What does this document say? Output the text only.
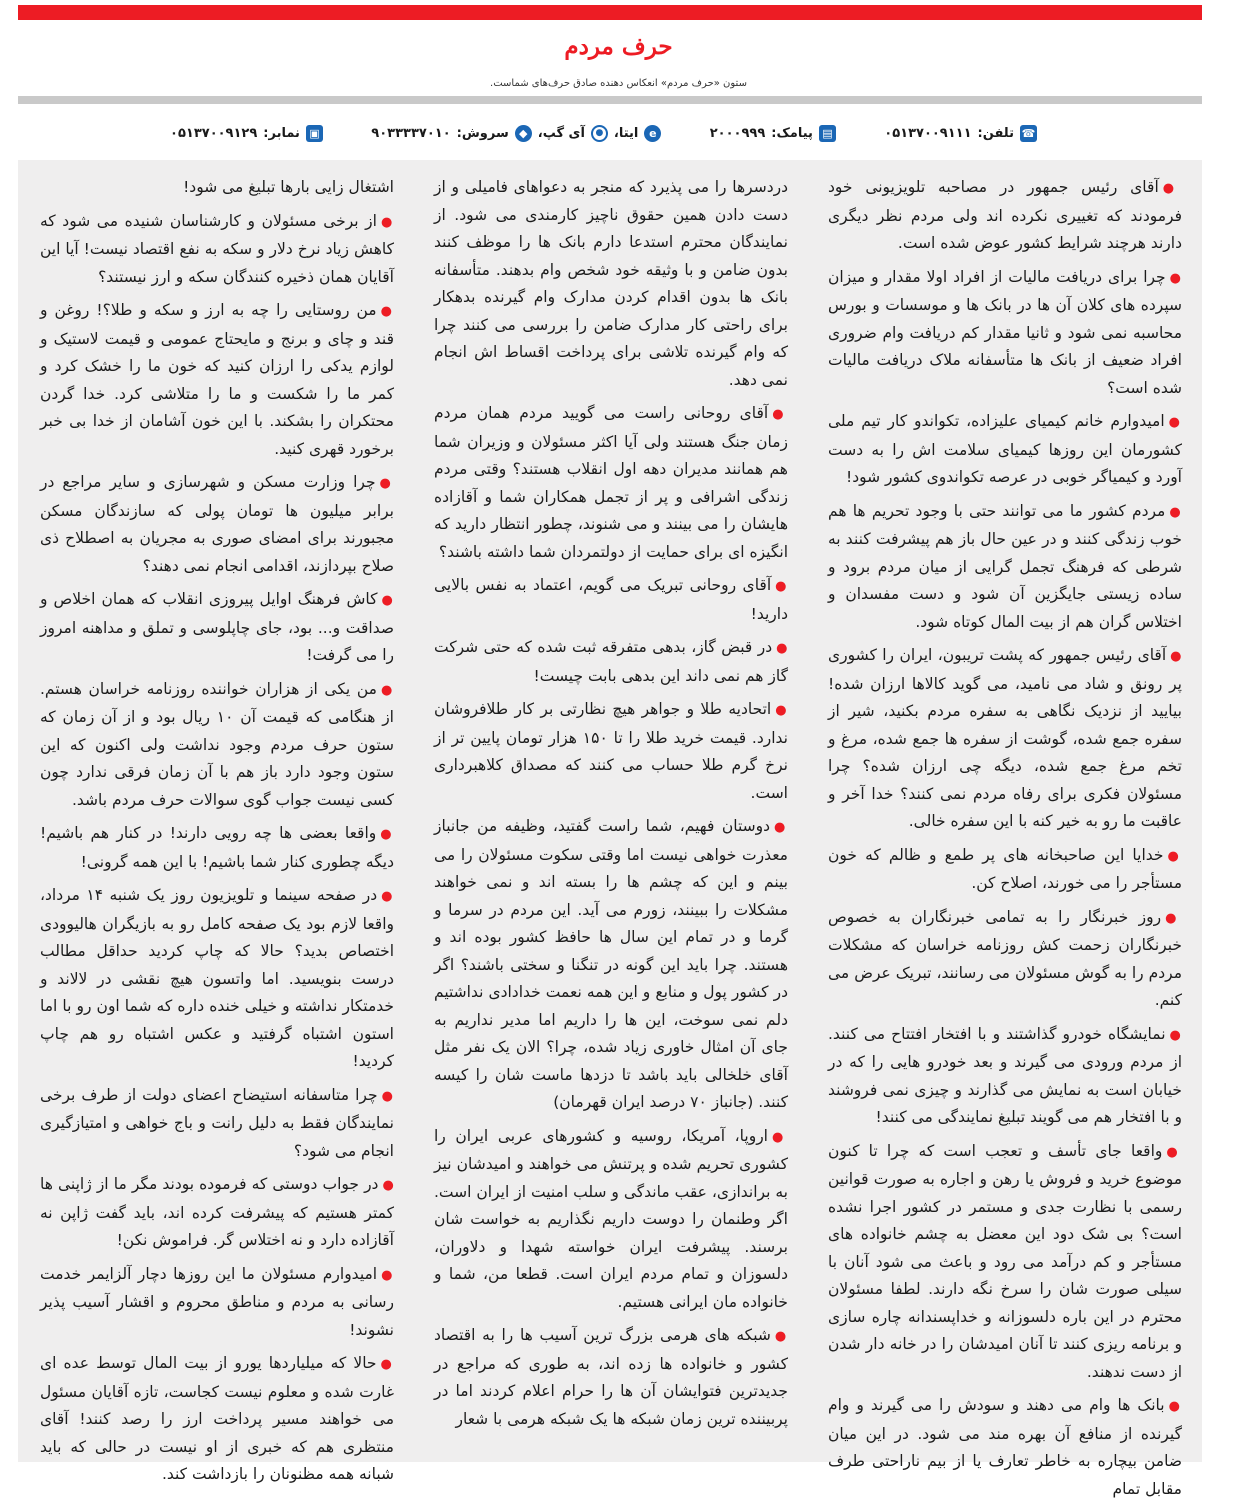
حرف مردم
ستون «حرف مردم» انعکاس دهنده صادق حرف‌های شماست.
☎
تلفن:
۰۵۱۳۷۰۰۹۱۱۱
▤
پیامک:
۲۰۰۰۹۹۹
e
ایتا،
●
آی گپ،
◆
سروش:
۹۰۳۳۳۳۷۰۱۰
▣
نمابر:
۰۵۱۳۷۰۰۹۱۲۹

●آقای رئیس جمهور در مصاحبه تلویزیونی خود فرمودند که تغییری نکرده اند ولی مردم نظر دیگری دارند هرچند شرایط کشور عوض شده است.

●چرا برای دریافت مالیات از افراد اولا مقدار و میزان سپرده های کلان آن ها در بانک ها و موسسات و بورس محاسبه نمی شود و ثانیا مقدار کم دریافت وام ضروری افراد ضعیف از بانک ها متأسفانه ملاک دریافت مالیات شده است؟

●امیدوارم خانم کیمیای علیزاده، تکواندو کار تیم ملی کشورمان این روزها کیمیای سلامت اش را به دست آورد و کیمیاگر خوبی در عرصه تکواندوی کشور شود!

●مردم کشور ما می توانند حتی با وجود تحریم ها هم خوب زندگی کنند و در عین حال باز هم پیشرفت کنند به شرطی که فرهنگ تجمل گرایی از میان مردم برود و ساده زیستی جایگزین آن شود و دست مفسدان و اختلاس گران هم از بیت المال کوتاه شود.

●آقای رئیس جمهور که پشت تریبون، ایران را کشوری پر رونق و شاد می نامید، می گوید کالاها ارزان شده! بیایید از نزدیک نگاهی به سفره مردم بکنید، شیر از سفره جمع شده، گوشت از سفره ها جمع شده، مرغ و تخم مرغ جمع شده، دیگه چی ارزان شده؟ چرا مسئولان فکری برای رفاه مردم نمی کنند؟ خدا آخر و عاقبت ما رو به خیر کنه با این سفره خالی.

●خدایا این صاحبخانه های پر طمع و ظالم که خون مستأجر را می خورند، اصلاح کن.

●روز خبرنگار را به تمامی خبرنگاران به خصوص خبرنگاران زحمت کش روزنامه خراسان که مشکلات مردم را به گوش مسئولان می رسانند، تبریک عرض می کنم.

●نمایشگاه خودرو گذاشتند و با افتخار افتتاح می کنند. از مردم ورودی می گیرند و بعد خودرو هایی را که در خیابان است به نمایش می گذارند و چیزی نمی فروشند و با افتخار هم می گویند تبلیغ نمایندگی می کنند!

●واقعا جای تأسف و تعجب است که چرا تا کنون موضوع خرید و فروش یا رهن و اجاره به صورت قوانین رسمی با نظارت جدی و مستمر در کشور اجرا نشده است؟ بی شک دود این معضل به چشم خانواده های مستأجر و کم درآمد می رود و باعث می شود آنان با سیلی صورت شان را سرخ نگه دارند. لطفا مسئولان محترم در این باره دلسوزانه و خداپسندانه چاره سازی و برنامه ریزی کنند تا آنان امیدشان را در خانه دار شدن از دست ندهند.

●بانک ها وام می دهند و سودش را می گیرند و وام گیرنده از منافع آن بهره مند می شود. در این میان ضامن بیچاره به خاطر تعارف یا از بیم ناراحتی طرف مقابل تمام

دردسرها را می پذیرد که منجر به دعواهای فامیلی و از دست دادن همین حقوق ناچیز کارمندی می شود. از نمایندگان محترم استدعا دارم بانک ها را موظف کنند بدون ضامن و با وثیقه خود شخص وام بدهند. متأسفانه بانک ها بدون اقدام کردن مدارک وام گیرنده بدهکار برای راحتی کار مدارک ضامن را بررسی می کنند چرا که وام گیرنده تلاشی برای پرداخت اقساط اش انجام نمی دهد.

●آقای روحانی راست می گویید مردم همان مردم زمان جنگ هستند ولی آیا اکثر مسئولان و وزیران شما هم همانند مدیران دهه اول انقلاب هستند؟ وقتی مردم زندگی اشرافی و پر از تجمل همکاران شما و آقازاده هایشان را می بینند و می شنوند، چطور انتظار دارید که انگیزه ای برای حمایت از دولتمردان شما داشته باشند؟

●آقای روحانی تبریک می گویم، اعتماد به نفس بالایی دارید!

●در قبض گاز، بدهی متفرقه ثبت شده که حتی شرکت گاز هم نمی داند این بدهی بابت چیست!

●اتحادیه طلا و جواهر هیچ نظارتی بر کار طلافروشان ندارد. قیمت خرید طلا را تا ۱۵۰ هزار تومان پایین تر از نرخ گرم طلا حساب می کنند که مصداق کلاهبرداری است.

●دوستان فهیم، شما راست گفتید، وظیفه من جانباز معذرت خواهی نیست اما وقتی سکوت مسئولان را می بینم و این که چشم ها را بسته اند و نمی خواهند مشکلات را ببینند، زورم می آید. این مردم در سرما و گرما و در تمام این سال ها حافظ کشور بوده اند و هستند. چرا باید این گونه در تنگنا و سختی باشند؟ اگر در کشور پول و منابع و این همه نعمت خدادادی نداشتیم دلم نمی سوخت، این ها را داریم اما مدیر نداریم به جای آن امثال خاوری زیاد شده، چرا؟ الان یک نفر مثل آقای خلخالی باید باشد تا دزدها ماست شان را کیسه کنند. (جانباز ۷۰ درصد ایران قهرمان)

●اروپا، آمریکا، روسیه و کشورهای عربی ایران را کشوری تحریم شده و پرتنش می خواهند و امیدشان نیز به براندازی، عقب ماندگی و سلب امنیت از ایران است. اگر وطنمان را دوست داریم نگذاریم به خواست شان برسند. پیشرفت ایران خواسته شهدا و دلاوران، دلسوزان و تمام مردم ایران است. قطعا من، شما و خانواده مان ایرانی هستیم.

●شبکه های هرمی بزرگ ترین آسیب ها را به اقتصاد کشور و خانواده ها زده اند، به طوری که مراجع در جدیدترین فتوایشان آن ها را حرام اعلام کردند اما در پربیننده ترین زمان شبکه ها یک شبکه هرمی با شعار

اشتغال زایی بارها تبلیغ می شود!

●از برخی مسئولان و کارشناسان شنیده می شود که کاهش زیاد نرخ دلار و سکه به نفع اقتصاد نیست! آیا این آقایان همان ذخیره کنندگان سکه و ارز نیستند؟

●من روستایی را چه به ارز و سکه و طلا؟! روغن و قند و چای و برنج و مایحتاج عمومی و قیمت لاستیک و لوازم یدکی را ارزان کنید که خون ما را خشک کرد و کمر ما را شکست و ما را متلاشی کرد. خدا گردن محتکران را بشکند. با این خون آشامان از خدا بی خبر برخورد قهری کنید.

●چرا وزارت مسکن و شهرسازی و سایر مراجع در برابر میلیون ها تومان پولی که سازندگان مسکن مجبورند برای امضای صوری به مجریان به اصطلاح ذی صلاح بپردازند، اقدامی انجام نمی دهند؟

●کاش فرهنگ اوایل پیروزی انقلاب که همان اخلاص و صداقت و... بود، جای چاپلوسی و تملق و مداهنه امروز را می گرفت!

●من یکی از هزاران خواننده روزنامه خراسان هستم. از هنگامی که قیمت آن ۱۰ ریال بود و از آن زمان که ستون حرف مردم وجود نداشت ولی اکنون که این ستون وجود دارد باز هم با آن زمان فرقی ندارد چون کسی نیست جواب گوی سوالات حرف مردم باشد.

●واقعا بعضی ها چه رویی دارند! در کنار هم باشیم! دیگه چطوری کنار شما باشیم! با این همه گرونی!

●در صفحه سینما و تلویزیون روز یک شنبه ۱۴ مرداد، واقعا لازم بود یک صفحه کامل رو به بازیگران هالیوودی اختصاص بدید؟ حالا که چاپ کردید حداقل مطالب درست بنویسید. اما واتسون هیچ نقشی در لالاند و خدمتکار نداشته و خیلی خنده داره که شما اون رو با اما استون اشتباه گرفتید و عکس اشتباه رو هم چاپ کردید!

●چرا متاسفانه استیضاح اعضای دولت از طرف برخی نمایندگان فقط به دلیل رانت و باج خواهی و امتیازگیری انجام می شود؟

●در جواب دوستی که فرموده بودند مگر ما از ژاپنی ها کمتر هستیم که پیشرفت کرده اند، باید گفت ژاپن نه آقازاده دارد و نه اختلاس گر. فراموش نکن!

●امیدوارم مسئولان ما این روزها دچار آلزایمر خدمت رسانی به مردم و مناطق محروم و اقشار آسیب پذیر نشوند!

●حالا که میلیاردها یورو از بیت المال توسط عده ای غارت شده و معلوم نیست کجاست، تازه آقایان مسئول می خواهند مسیر پرداخت ارز را رصد کنند! آقای منتظری هم که خبری از او نیست در حالی که باید شبانه همه مظنونان را بازداشت کند.
